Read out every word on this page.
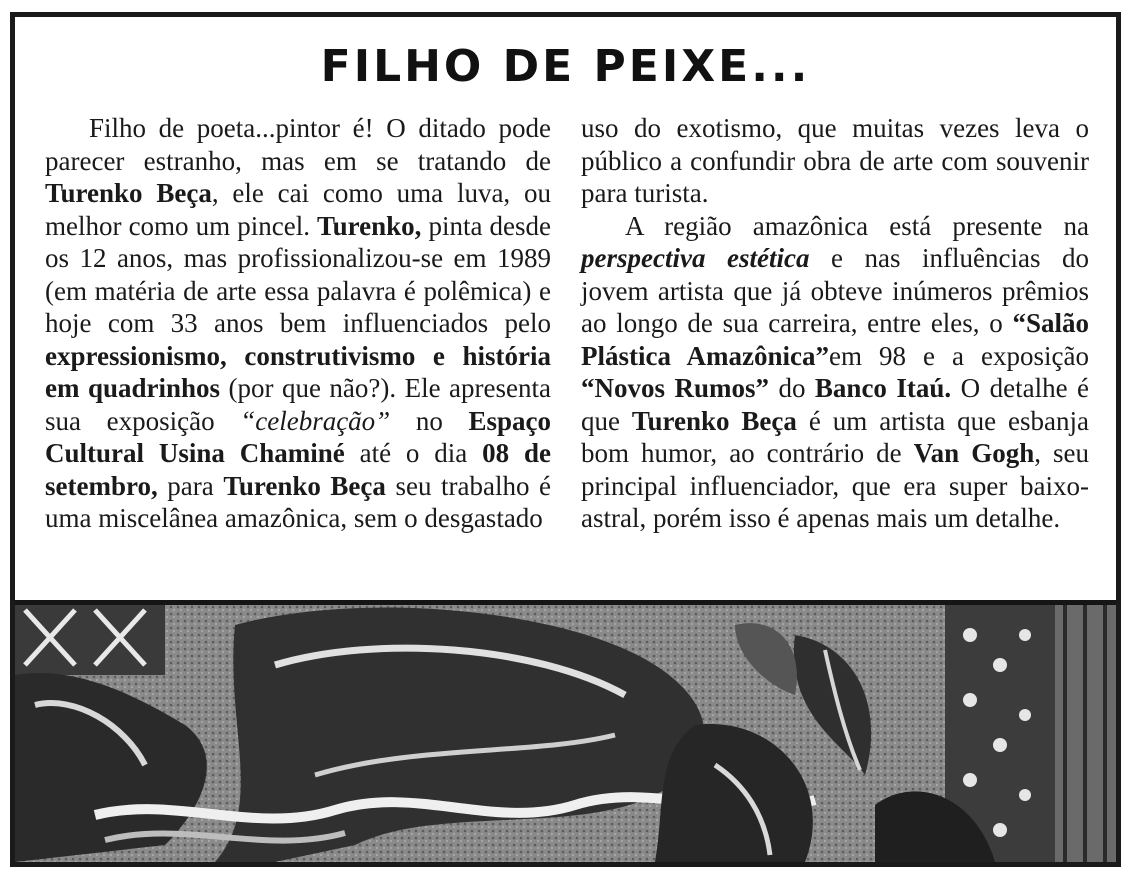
FILHO DE PEIXE...

Filho de poeta...pintor é! O ditado pode parecer estranho, mas em se tratando de Turenko Beça, ele cai como uma luva, ou melhor como um pincel. Turenko, pinta desde os 12 anos, mas profissionalizou-se em 1989 (em matéria de arte essa palavra é polêmica) e hoje com 33 anos bem influenciados pelo expressionismo, construtivismo e história em quadrinhos (por que não?). Ele apresenta sua exposição “celebração” no Espaço Cultural Usina Chaminé até o dia 08 de setembro, para Turenko Beça seu trabalho é uma miscelânea amazônica, sem o desgastado

uso do exotismo, que muitas vezes leva o público a confundir obra de arte com souvenir para turista.

A região amazônica está presente na perspectiva estética e nas influências do jovem artista que já obteve inúmeros prêmios ao longo de sua carreira, entre eles, o “Salão Plástica Amazônica”em 98 e a exposição “Novos Rumos” do Banco Itaú. O detalhe é que Turenko Beça é um artista que esbanja bom humor, ao contrário de Van Gogh, seu principal influenciador, que era super baixo-astral, porém isso é apenas mais um detalhe.
